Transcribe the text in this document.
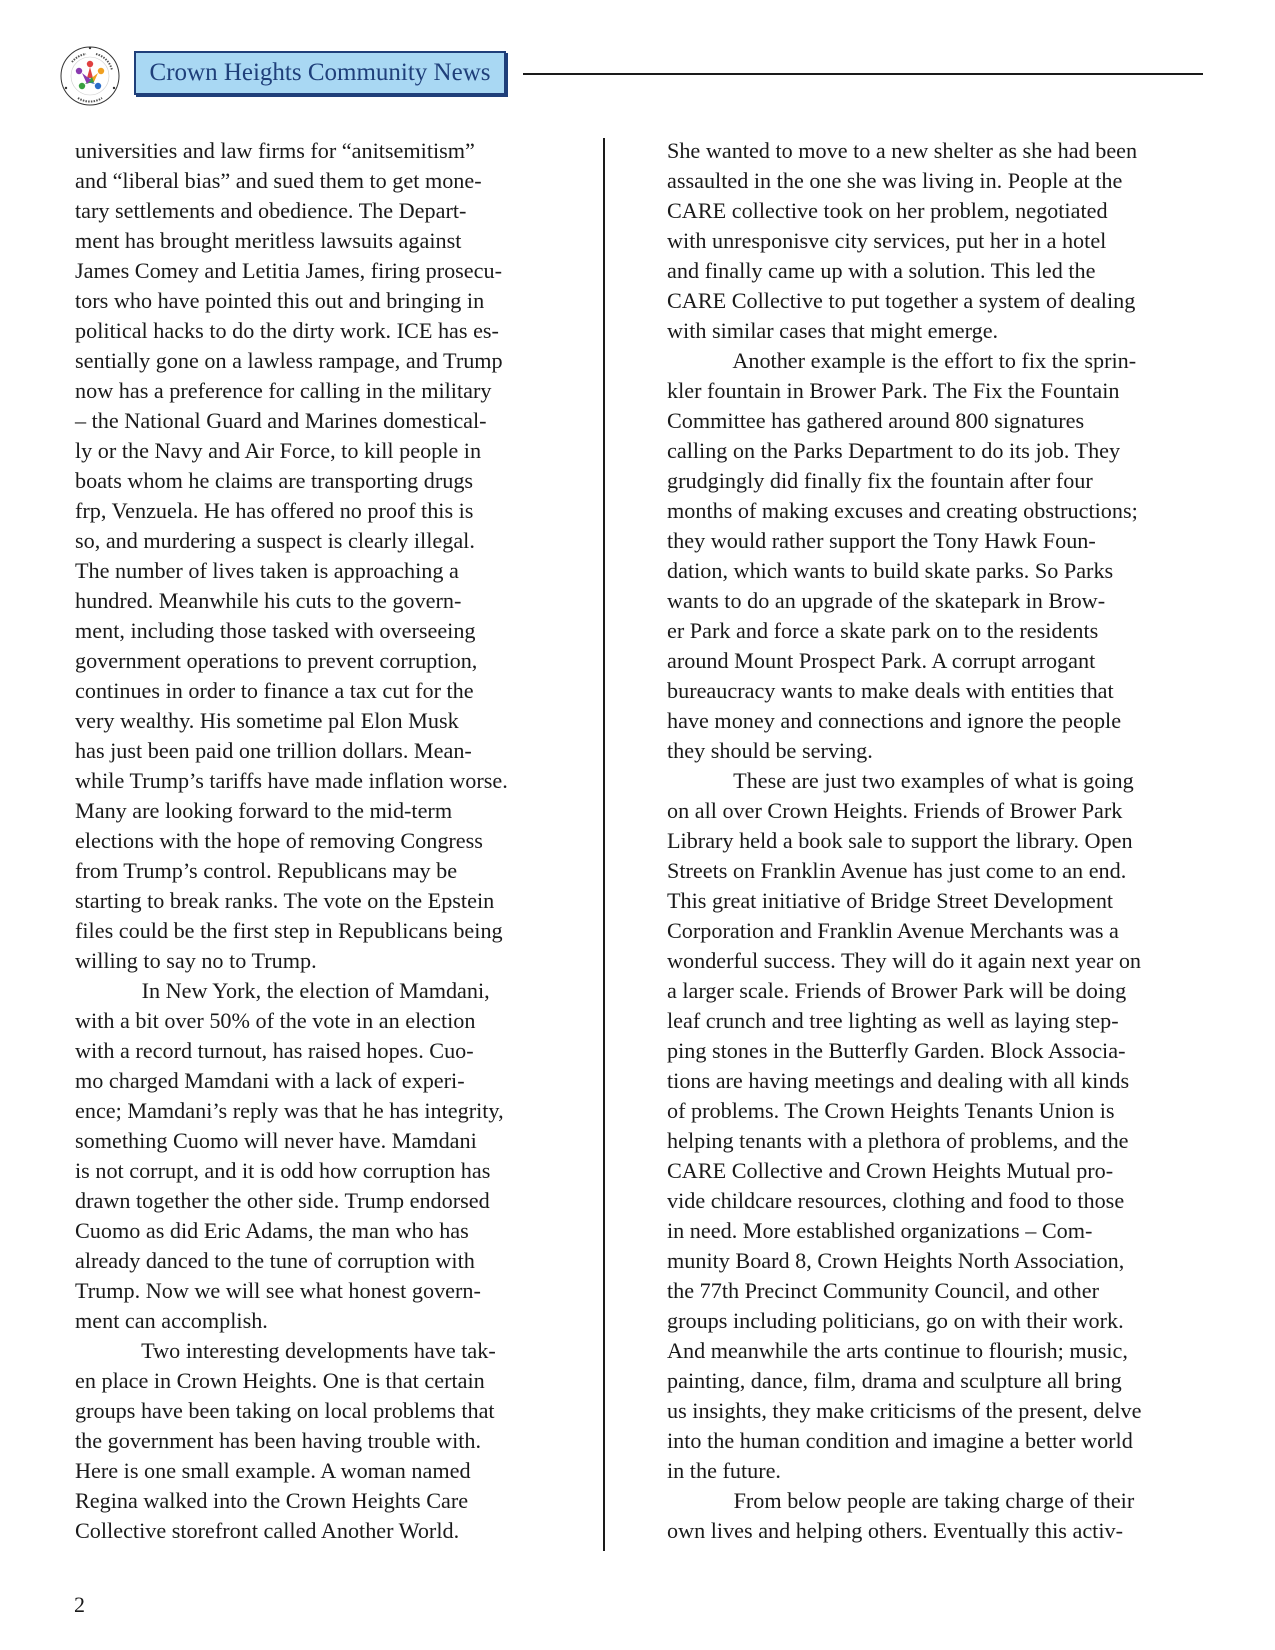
Crown Heights Community News

universities and law firms for “anitsemitism”

and “liberal bias” and sued them to get mone-

tary settlements and obedience. The Depart-

ment has brought meritless lawsuits against

James Comey and Letitia James, firing prosecu-

tors who have pointed this out and bringing in

political hacks to do the dirty work. ICE has es-

sentially gone on a lawless rampage, and Trump

now has a preference for calling in the military

– the National Guard and Marines domestical-

ly or the Navy and Air Force, to kill people in

boats whom he claims are transporting drugs

frp, Venzuela. He has offered no proof this is

so, and murdering a suspect is clearly illegal.

The number of lives taken is approaching a

hundred. Meanwhile his cuts to the govern-

ment, including those tasked with overseeing

government operations to prevent corruption,

continues in order to finance a tax cut for the

very wealthy. His sometime pal Elon Musk

has just been paid one trillion dollars. Mean-

while Trump’s tariffs have made inflation worse.

Many are looking forward to the mid-term

elections with the hope of removing Congress

from Trump’s control. Republicans may be

starting to break ranks. The vote on the Epstein

files could be the first step in Republicans being

willing to say no to Trump.

In New York, the election of Mamdani,

with a bit over 50% of the vote in an election

with a record turnout, has raised hopes. Cuo-

mo charged Mamdani with a lack of experi-

ence; Mamdani’s reply was that he has integrity,

something Cuomo will never have. Mamdani

is not corrupt, and it is odd how corruption has

drawn together the other side. Trump endorsed

Cuomo as did Eric Adams, the man who has

already danced to the tune of corruption with

Trump. Now we will see what honest govern-

ment can accomplish.

Two interesting developments have tak-

en place in Crown Heights. One is that certain

groups have been taking on local problems that

the government has been having trouble with.

Here is one small example. A woman named

Regina walked into the Crown Heights Care

Collective storefront called Another World.

She wanted to move to a new shelter as she had been

assaulted in the one she was living in. People at the

CARE collective took on her problem, negotiated

with unresponisve city services, put her in a hotel

and finally came up with a solution. This led the

CARE Collective to put together a system of dealing

with similar cases that might emerge.

Another example is the effort to fix the sprin-

kler fountain in Brower Park. The Fix the Fountain

Committee has gathered around 800 signatures

calling on the Parks Department to do its job. They

grudgingly did finally fix the fountain after four

months of making excuses and creating obstructions;

they would rather support the Tony Hawk Foun-

dation, which wants to build skate parks. So Parks

wants to do an upgrade of the skatepark in Brow-

er Park and force a skate park on to the residents

around Mount Prospect Park. A corrupt arrogant

bureaucracy wants to make deals with entities that

have money and connections and ignore the people

they should be serving.

These are just two examples of what is going

on all over Crown Heights. Friends of Brower Park

Library held a book sale to support the library. Open

Streets on Franklin Avenue has just come to an end.

This great initiative of Bridge Street Development

Corporation and Franklin Avenue Merchants was a

wonderful success. They will do it again next year on

a larger scale. Friends of Brower Park will be doing

leaf crunch and tree lighting as well as laying step-

ping stones in the Butterfly Garden. Block Associa-

tions are having meetings and dealing with all kinds

of problems. The Crown Heights Tenants Union is

helping tenants with a plethora of problems, and the

CARE Collective and Crown Heights Mutual pro-

vide childcare resources, clothing and food to those

in need. More established organizations – Com-

munity Board 8, Crown Heights North Association,

the 77th Precinct Community Council, and other

groups including politicians, go on with their work.

And meanwhile the arts continue to flourish; music,

painting, dance, film, drama and sculpture all bring

us insights, they make criticisms of the present, delve

into the human condition and imagine a better world

in the future.

From below people are taking charge of their

own lives and helping others. Eventually this activ-

2
